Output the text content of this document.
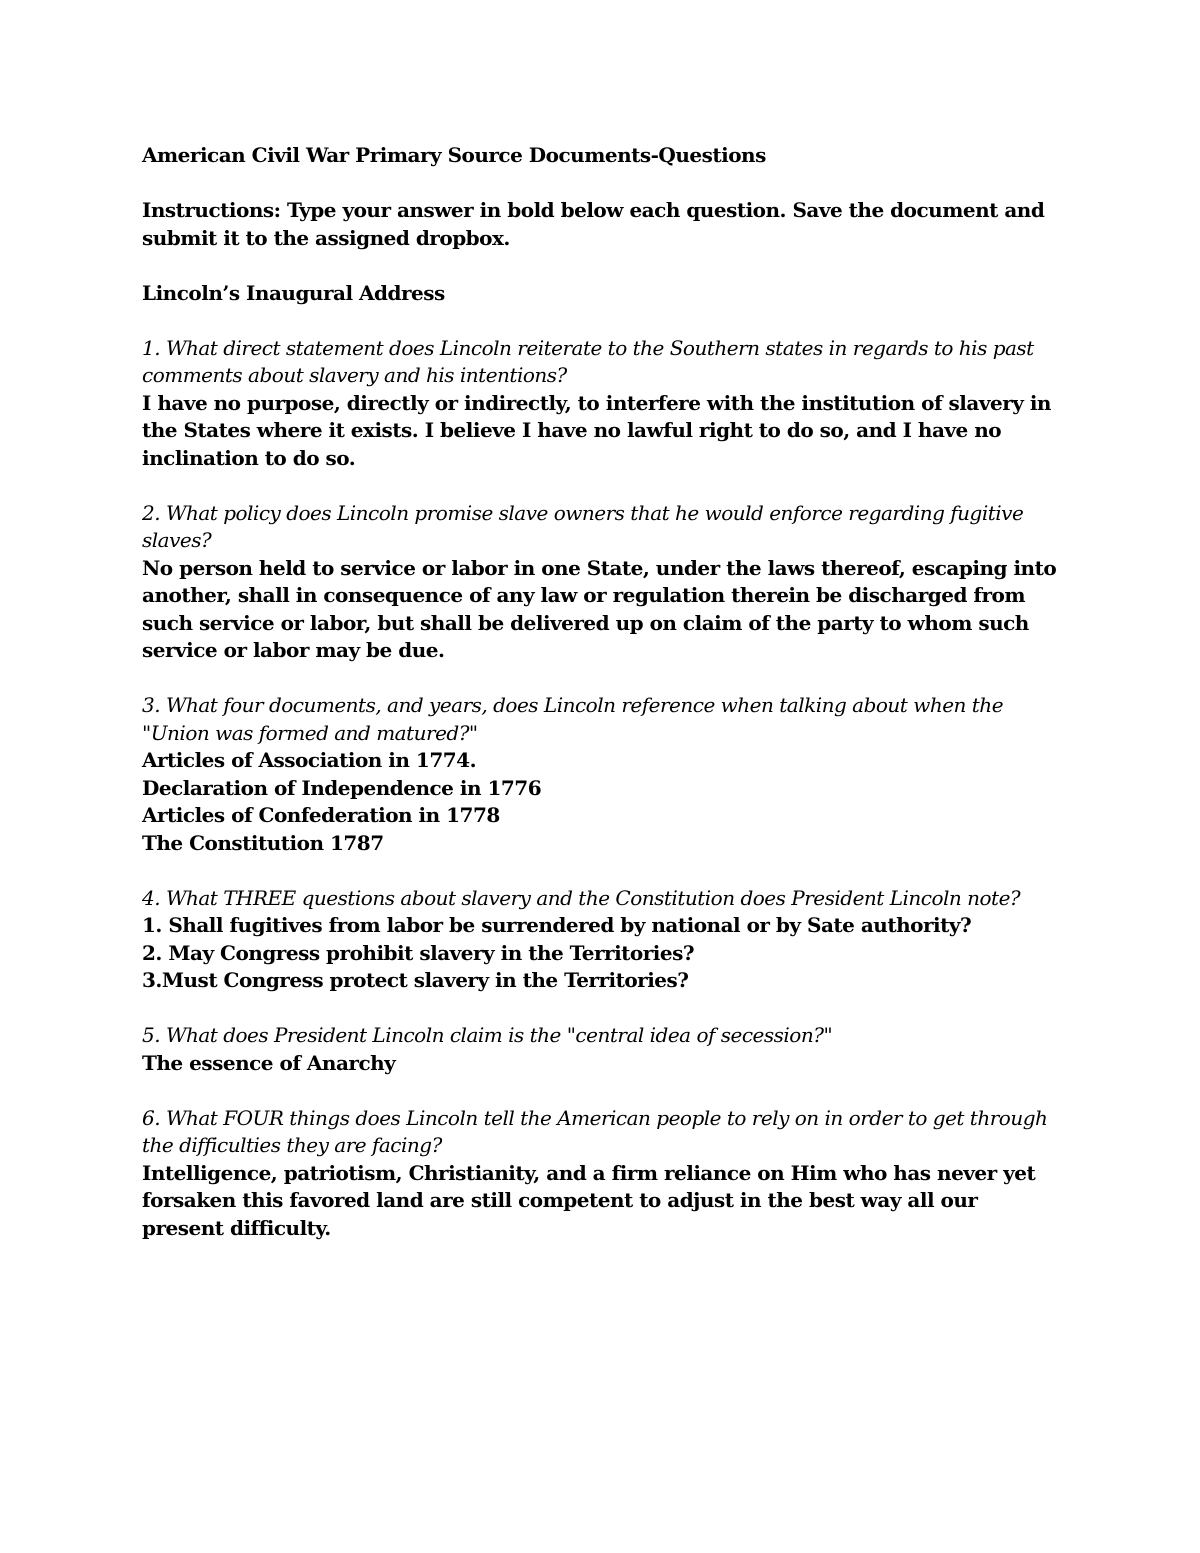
American Civil War Primary Source Documents-Questions
Instructions: Type your answer in bold below each question. Save the document and
submit it to the assigned dropbox.
Lincoln’s Inaugural Address
1. What direct statement does Lincoln reiterate to the Southern states in regards to his past
comments about slavery and his intentions?
I have no purpose, directly or indirectly, to interfere with the institution of slavery in
the States where it exists. I believe I have no lawful right to do so, and I have no
inclination to do so.
2. What policy does Lincoln promise slave owners that he would enforce regarding fugitive
slaves?
No person held to service or labor in one State, under the laws thereof, escaping into
another, shall in consequence of any law or regulation therein be discharged from
such service or labor, but shall be delivered up on claim of the party to whom such
service or labor may be due.
3. What four documents, and years, does Lincoln reference when talking about when the
"Union was formed and matured?"
Articles of Association in 1774.
Declaration of Independence in 1776
Articles of Confederation in 1778
The Constitution 1787
4. What THREE questions about slavery and the Constitution does President Lincoln note?
1. Shall fugitives from labor be surrendered by national or by Sate authority?
2. May Congress prohibit slavery in the Territories?
3.Must Congress protect slavery in the Territories?
5. What does President Lincoln claim is the "central idea of secession?"
The essence of Anarchy
6. What FOUR things does Lincoln tell the American people to rely on in order to get through
the difficulties they are facing?
Intelligence, patriotism, Christianity, and a firm reliance on Him who has never yet
forsaken this favored land are still competent to adjust in the best way all our
present difficulty.
